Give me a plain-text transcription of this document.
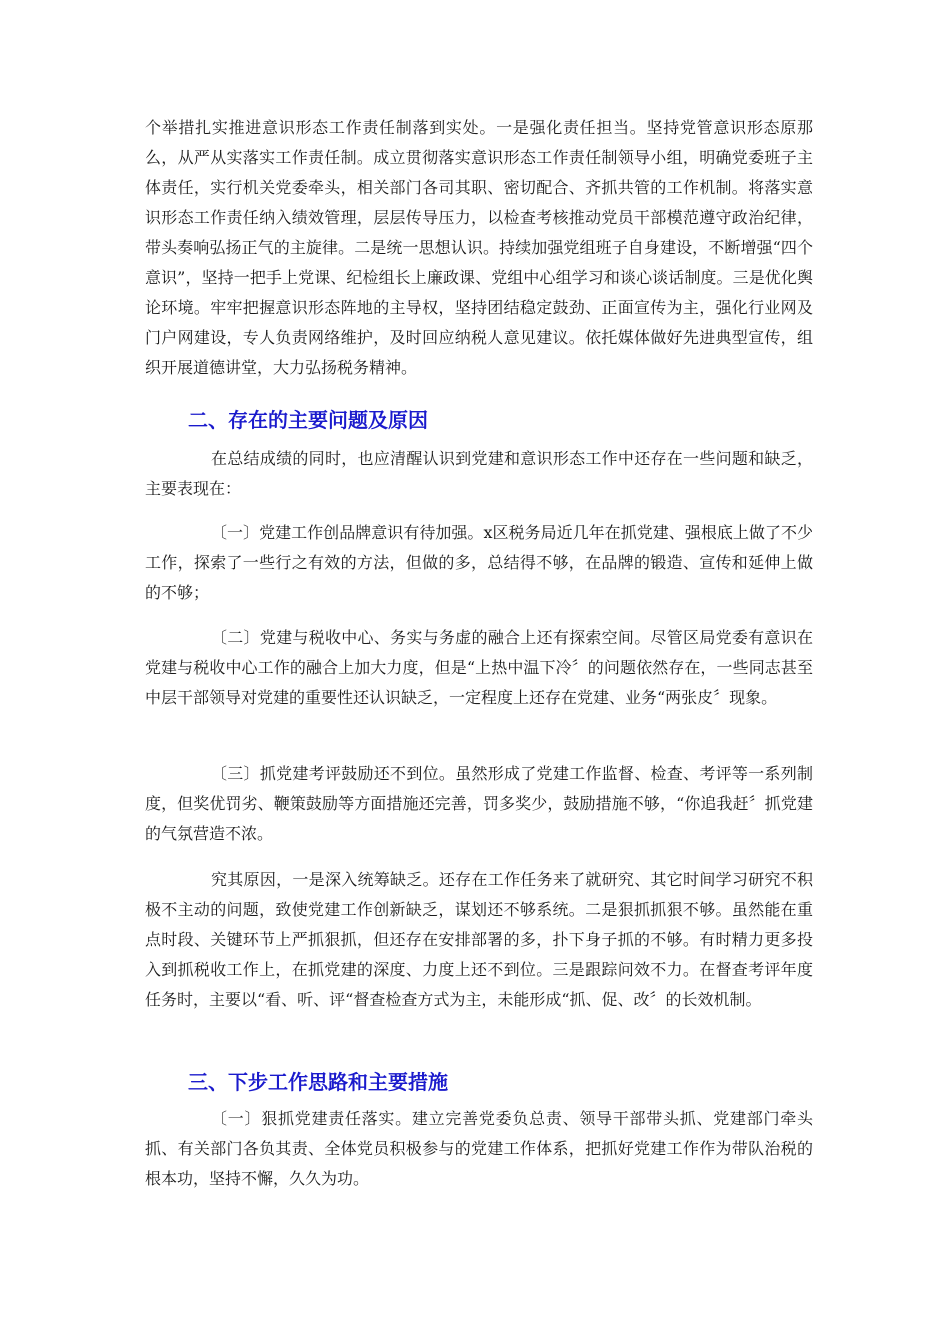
个举措扎实推进意识形态工作责任制落到实处。一是强化责任担当。坚持党管意识形态原那么，从严从实落实工作责任制。成立贯彻落实意识形态工作责任制领导小组，明确党委班子主体责任，实行机关党委牵头，相关部门各司其职、密切配合、齐抓共管的工作机制。将落实意识形态工作责任纳入绩效管理，层层传导压力，以检查考核推动党员干部模范遵守政治纪律，带头奏响弘扬正气的主旋律。二是统一思想认识。持续加强党组班子自身建设，不断增强“四个意识”，坚持一把手上党课、纪检组长上廉政课、党组中心组学习和谈心谈话制度。三是优化舆论环境。牢牢把握意识形态阵地的主导权，坚持团结稳定鼓劲、正面宣传为主，强化行业网及门户网建设，专人负责网络维护，及时回应纳税人意见建议。依托媒体做好先进典型宣传，组织开展道德讲堂，大力弘扬税务精神。

二、存在的主要问题及原因

在总结成绩的同时，也应清醒认识到党建和意识形态工作中还存在一些问题和缺乏，主要表现在：

〔一〕党建工作创品牌意识有待加强。x区税务局近几年在抓党建、强根底上做了不少工作，探索了一些行之有效的方法，但做的多，总结得不够，在品牌的锻造、宣传和延伸上做的不够；

〔二〕党建与税收中心、务实与务虚的融合上还有探索空间。尽管区局党委有意识在党建与税收中心工作的融合上加大力度，但是“上热中温下冷〞的问题依然存在，一些同志甚至中层干部领导对党建的重要性还认识缺乏，一定程度上还存在党建、业务“两张皮〞现象。

〔三〕抓党建考评鼓励还不到位。虽然形成了党建工作监督、检查、考评等一系列制度，但奖优罚劣、鞭策鼓励等方面措施还完善，罚多奖少，鼓励措施不够，“你追我赶〞抓党建的气氛营造不浓。

究其原因，一是深入统筹缺乏。还存在工作任务来了就研究、其它时间学习研究不积极不主动的问题，致使党建工作创新缺乏，谋划还不够系统。二是狠抓抓狠不够。虽然能在重点时段、关键环节上严抓狠抓，但还存在安排部署的多，扑下身子抓的不够。有时精力更多投入到抓税收工作上，在抓党建的深度、力度上还不到位。三是跟踪问效不力。在督查考评年度任务时，主要以“看、听、评“督查检查方式为主，未能形成“抓、促、改〞的长效机制。

三、下步工作思路和主要措施

〔一〕狠抓党建责任落实。建立完善党委负总责、领导干部带头抓、党建部门牵头抓、有关部门各负其责、全体党员积极参与的党建工作体系，把抓好党建工作作为带队治税的根本功，坚持不懈，久久为功。
